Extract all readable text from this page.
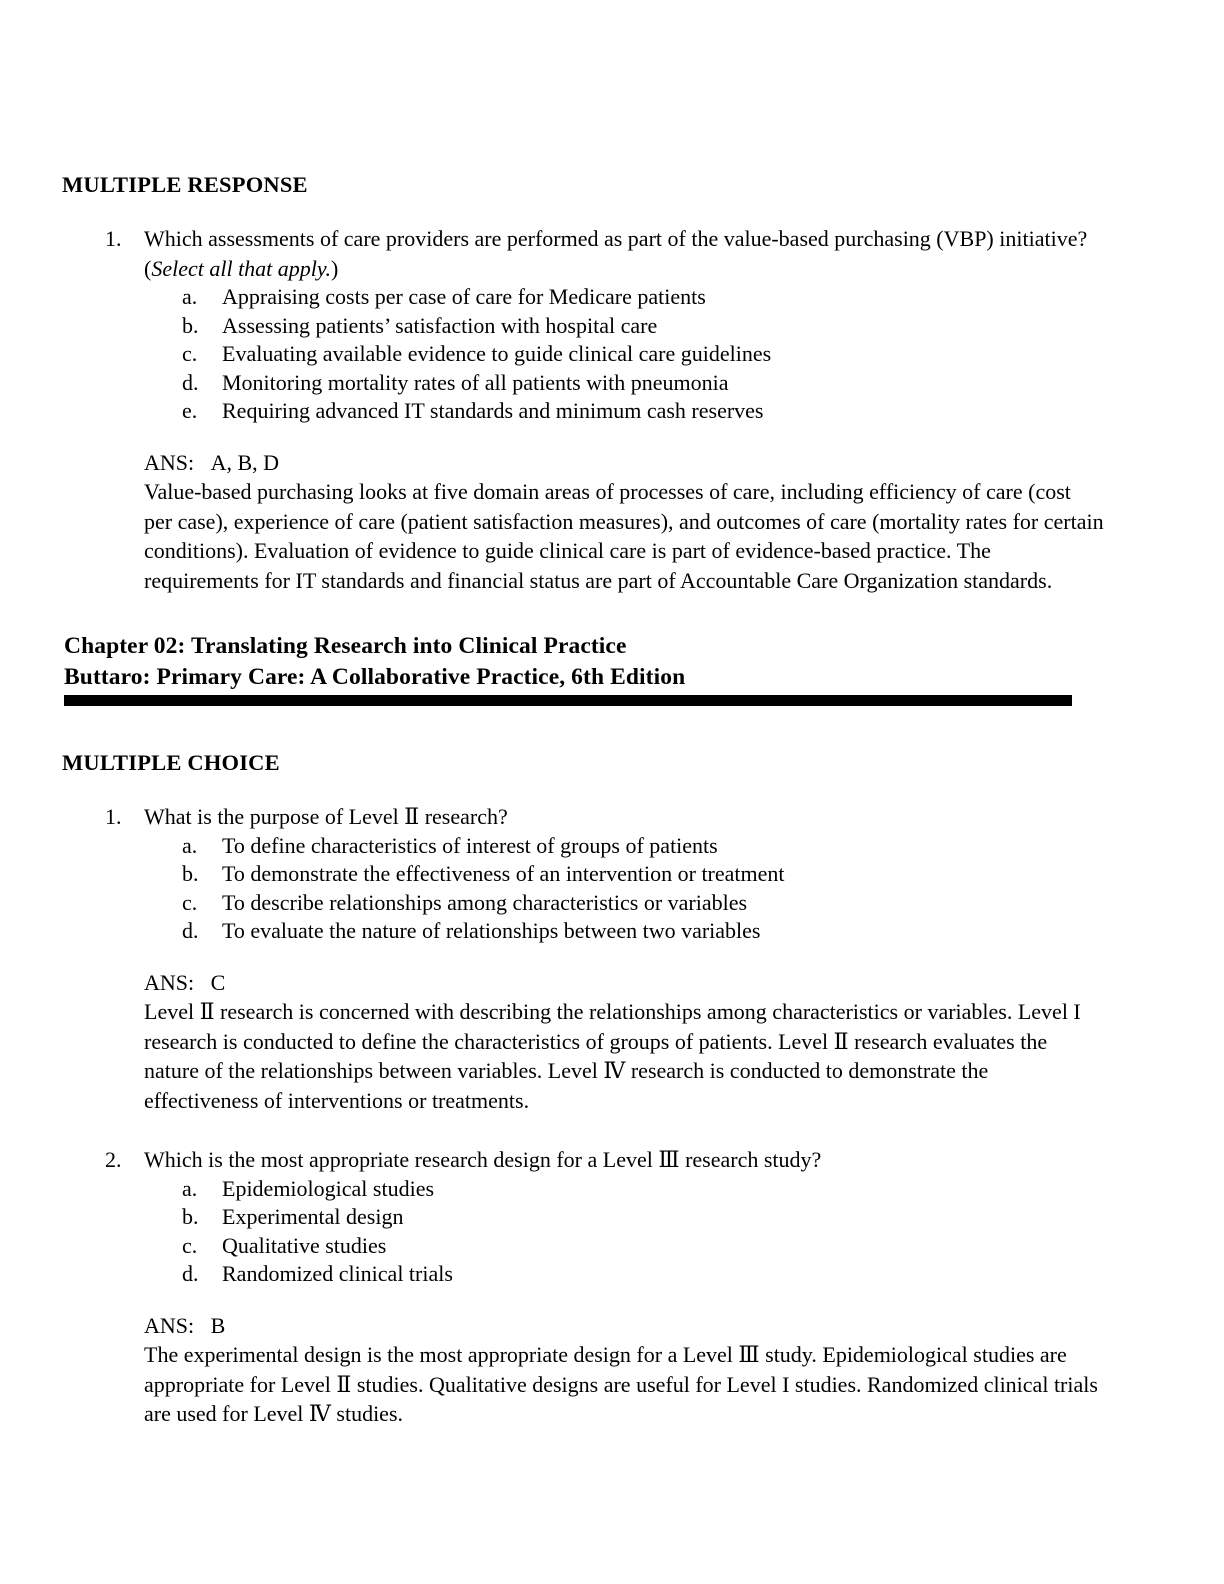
MULTIPLE RESPONSE
1. Which assessments of care providers are performed as part of the value-based purchasing (VBP) initiative? (Select all that apply.)

a. Appraising costs per case of care for Medicare patients
b. Assessing patients’ satisfaction with hospital care
c. Evaluating available evidence to guide clinical care guidelines
d. Monitoring mortality rates of all patients with pneumonia
e. Requiring advanced IT standards and minimum cash reserves
ANS: A, B, D

Value-based purchasing looks at five domain areas of processes of care, including efficiency of care (cost per case), experience of care (patient satisfaction measures), and outcomes of care (mortality rates for certain conditions). Evaluation of evidence to guide clinical care is part of evidence-based practice. The requirements for IT standards and financial status are part of Accountable Care Organization standards.

Chapter 02: Translating Research into Clinical Practice
Buttaro: Primary Care: A Collaborative Practice, 6th Edition
MULTIPLE CHOICE
1. What is the purpose of Level Ⅱ research?

a. To define characteristics of interest of groups of patients
b. To demonstrate the effectiveness of an intervention or treatment
c. To describe relationships among characteristics or variables
d. To evaluate the nature of relationships between two variables
ANS: C

Level Ⅱ research is concerned with describing the relationships among characteristics or variables. Level I research is conducted to define the characteristics of groups of patients. Level Ⅱ research evaluates the nature of the relationships between variables. Level Ⅳ research is conducted to demonstrate the effectiveness of interventions or treatments.

2. Which is the most appropriate research design for a Level Ⅲ research study?

a. Epidemiological studies
b. Experimental design
c. Qualitative studies
d. Randomized clinical trials
ANS: B

The experimental design is the most appropriate design for a Level Ⅲ study. Epidemiological studies are appropriate for Level Ⅱ studies. Qualitative designs are useful for Level I studies. Randomized clinical trials are used for Level Ⅳ studies.
